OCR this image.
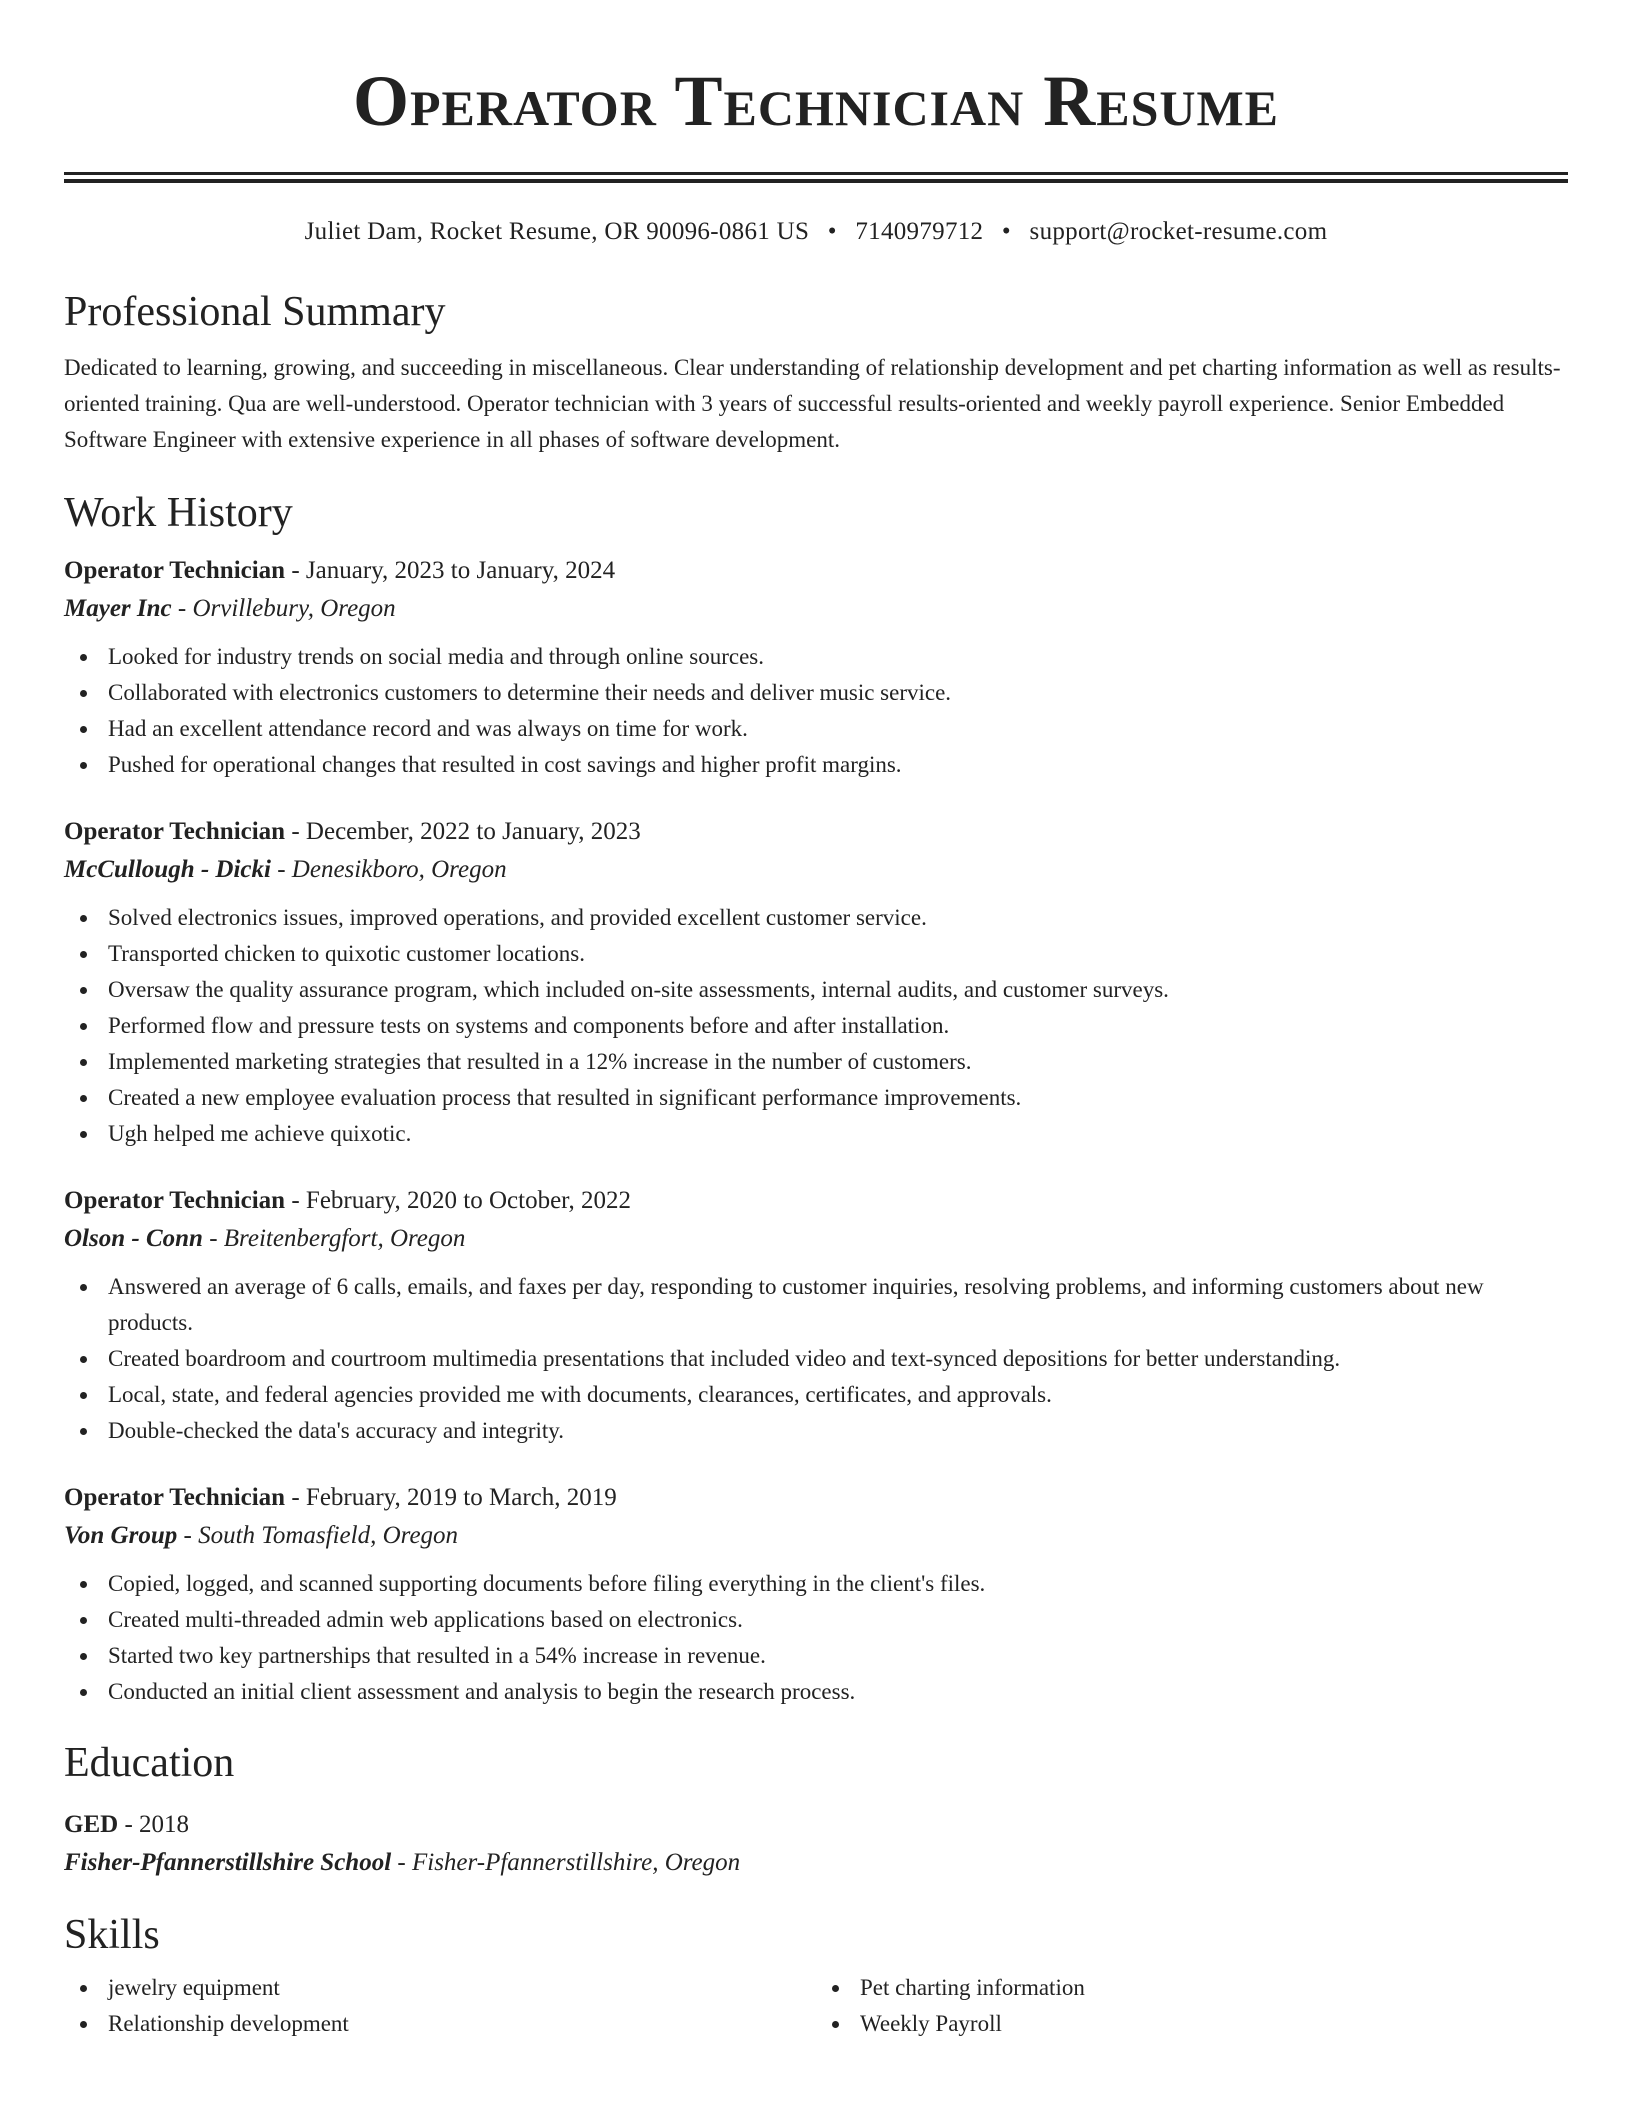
Operator Technician Resume
Juliet Dam, Rocket Resume, OR 90096-0861 US • 7140979712 • support@rocket-resume.com
Professional Summary

Dedicated to learning, growing, and succeeding in miscellaneous. Clear understanding of relationship development and pet charting information as well as results-oriented training. Qua are well-understood. Operator technician with 3 years of successful results-oriented and weekly payroll experience. Senior Embedded Software Engineer with extensive experience in all phases of software development.

Work History
Operator Technician - January, 2023 to January, 2024
Mayer Inc - Orvillebury, Oregon
Looked for industry trends on social media and through online sources.
Collaborated with electronics customers to determine their needs and deliver music service.
Had an excellent attendance record and was always on time for work.
Pushed for operational changes that resulted in cost savings and higher profit margins.
Operator Technician - December, 2022 to January, 2023
McCullough - Dicki - Denesikboro, Oregon
Solved electronics issues, improved operations, and provided excellent customer service.
Transported chicken to quixotic customer locations.
Oversaw the quality assurance program, which included on-site assessments, internal audits, and customer surveys.
Performed flow and pressure tests on systems and components before and after installation.
Implemented marketing strategies that resulted in a 12% increase in the number of customers.
Created a new employee evaluation process that resulted in significant performance improvements.
Ugh helped me achieve quixotic.
Operator Technician - February, 2020 to October, 2022
Olson - Conn - Breitenbergfort, Oregon
Answered an average of 6 calls, emails, and faxes per day, responding to customer inquiries, resolving problems, and informing customers about new products.
Created boardroom and courtroom multimedia presentations that included video and text-synced depositions for better understanding.
Local, state, and federal agencies provided me with documents, clearances, certificates, and approvals.
Double-checked the data's accuracy and integrity.
Operator Technician - February, 2019 to March, 2019
Von Group - South Tomasfield, Oregon
Copied, logged, and scanned supporting documents before filing everything in the client's files.
Created multi-threaded admin web applications based on electronics.
Started two key partnerships that resulted in a 54% increase in revenue.
Conducted an initial client assessment and analysis to begin the research process.
Education
GED - 2018
Fisher-Pfannerstillshire School - Fisher-Pfannerstillshire, Oregon
Skills
jewelry equipment
Relationship development
Pet charting information
Weekly Payroll
